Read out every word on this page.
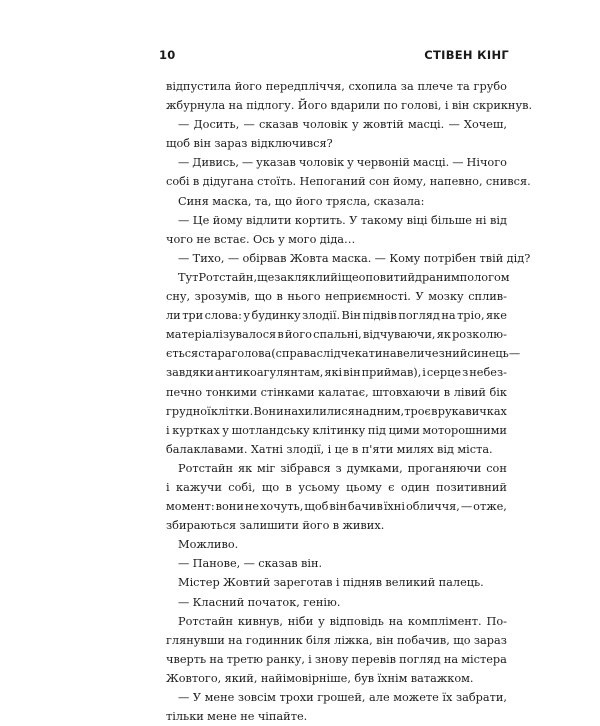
10	СТІВЕН КІНГ
відпустила його передпліччя, схопила за плече та грубо
жбурнула на підлогу. Його вдарили по голові, і він скрикнув.
— Досить, — сказав чоловік у жовтій масці. — Хочеш,
щоб він зараз відключився?
— Дивись, — указав чоловік у червоній масці. — Нічого
собі в дідугана стоїть. Непоганий сон йому, напевно, снився.
Синя маска, та, що його трясла, сказала:
— Це йому відлити кортить. У такому віці більше ні від
чого не встає. Ось у мого діда…
— Тихо, — обірвав Жовта маска. — Кому потрібен твій дід?
Тут Ротстайн, ще закляклий і ще оповитий драним пологом
сну, зрозумів, що в нього неприємності. У мозку сплив-
ли три слова: у будинку злодії. Він підвів погляд на тріо, яке
матеріалізувалося в його спальні, відчуваючи, як розколю-
ється стара голова (справа слід чекати на величезний синець —
завдяки антикоагулянтам, які він приймав), і серце з небез-
печно тонкими стінками калатає, штовхаючи в лівий бік
грудної клітки. Вони нахилилися над ним, троє в рукавичках
і куртках у шотландську клітинку під цими моторошними
балаклавами. Хатні злодії, і це в п'яти милях від міста.
Ротстайн як міг зібрався з думками, проганяючи сон
і кажучи собі, що в усьому цьому є один позитивний
момент: вони не хочуть, щоб він бачив їхні обличчя, — отже,
збираються залишити його в живих.
Можливо.
— Панове, — сказав він.
Містер Жовтий зареготав і підняв великий палець.
— Класний початок, генію.
Ротстайн кивнув, ніби у відповідь на комплімент. По-
глянувши на годинник біля ліжка, він побачив, що зараз
чверть на третю ранку, і знову перевів погляд на містера
Жовтого, який, найімовірніше, був їхнім ватажком.
— У мене зовсім трохи грошей, але можете їх забрати,
тільки мене не чіпайте.
